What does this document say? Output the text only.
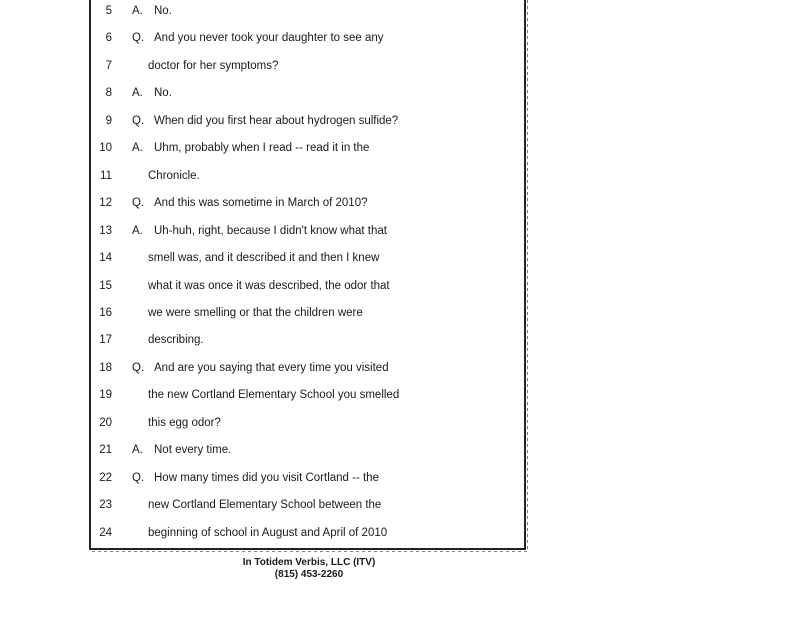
5 A. No.
6 Q. And you never took your daughter to see any
7	doctor for her symptoms?
8 A. No.
9 Q. When did you first hear about hydrogen sulfide?
10 A. Uhm, probably when I read -- read it in the
11	Chronicle.
12 Q. And this was sometime in March of 2010?
13 A. Uh-huh, right, because I didn't know what that
14	smell was, and it described it and then I knew
15	what it was once it was described, the odor that
16	we were smelling or that the children were
17	describing.
18 Q. And are you saying that every time you visited
19	the new Cortland Elementary School you smelled
20	this egg odor?
21 A. Not every time.
22 Q. How many times did you visit Cortland -- the
23	new Cortland Elementary School between the
24	beginning of school in August and April of 2010
In Totidem Verbis, LLC (ITV)
(815) 453-2260
